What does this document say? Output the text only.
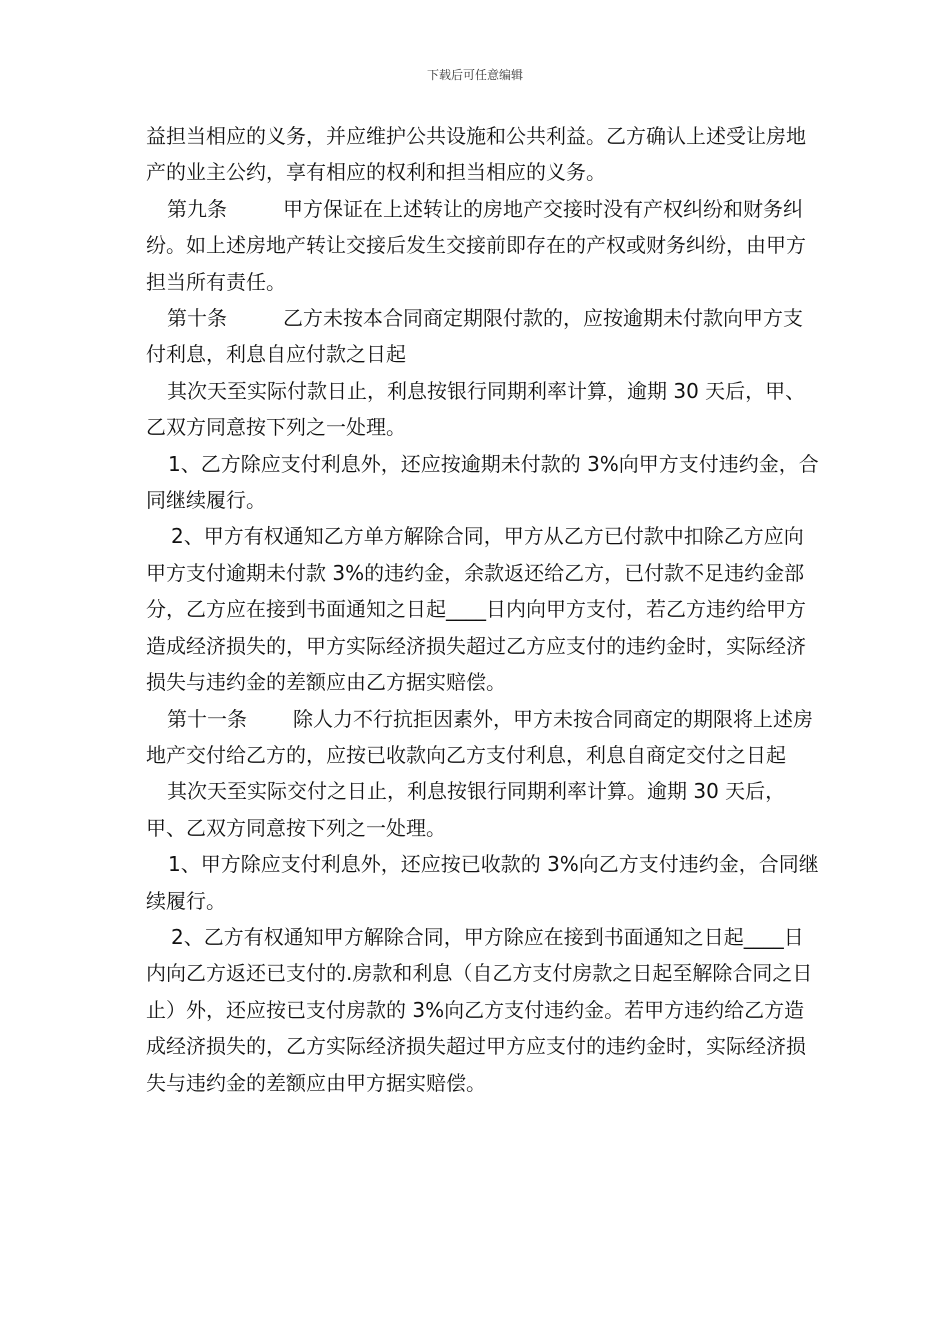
下载后可任意编辑

益担当相应的义务，并应维护公共设施和公共利益。乙方确认上述受让房地产的业主公约，享有相应的权利和担当相应的义务。

第九条	甲方保证在上述转让的房地产交接时没有产权纠纷和财务纠纷。如上述房地产转让交接后发生交接前即存在的产权或财务纠纷，由甲方担当所有责任。

第十条	乙方未按本合同商定期限付款的，应按逾期未付款向甲方支付利息，利息自应付款之日起

其次天至实际付款日止，利息按银行同期利率计算，逾期 30 天后，甲、乙双方同意按下列之一处理。

1、乙方除应支付利息外，还应按逾期未付款的 3%向甲方支付违约金，合同继续履行。

2、甲方有权通知乙方单方解除合同，甲方从乙方已付款中扣除乙方应向甲方支付逾期未付款 3%的违约金，余款返还给乙方，已付款不足违约金部分，乙方应在接到书面通知之日起____日内向甲方支付，若乙方违约给甲方造成经济损失的，甲方实际经济损失超过乙方应支付的违约金时，实际经济损失与违约金的差额应由乙方据实赔偿。

第十一条 除人力不行抗拒因素外，甲方未按合同商定的期限将上述房地产交付给乙方的，应按已收款向乙方支付利息，利息自商定交付之日起

其次天至实际交付之日止，利息按银行同期利率计算。逾期 30 天后，甲、乙双方同意按下列之一处理。

1、甲方除应支付利息外，还应按已收款的 3%向乙方支付违约金，合同继续履行。

2、乙方有权通知甲方解除合同，甲方除应在接到书面通知之日起____日内向乙方返还已支付的.房款和利息（自乙方支付房款之日起至解除合同之日止）外，还应按已支付房款的 3%向乙方支付违约金。若甲方违约给乙方造成经济损失的，乙方实际经济损失超过甲方应支付的违约金时，实际经济损失与违约金的差额应由甲方据实赔偿。
